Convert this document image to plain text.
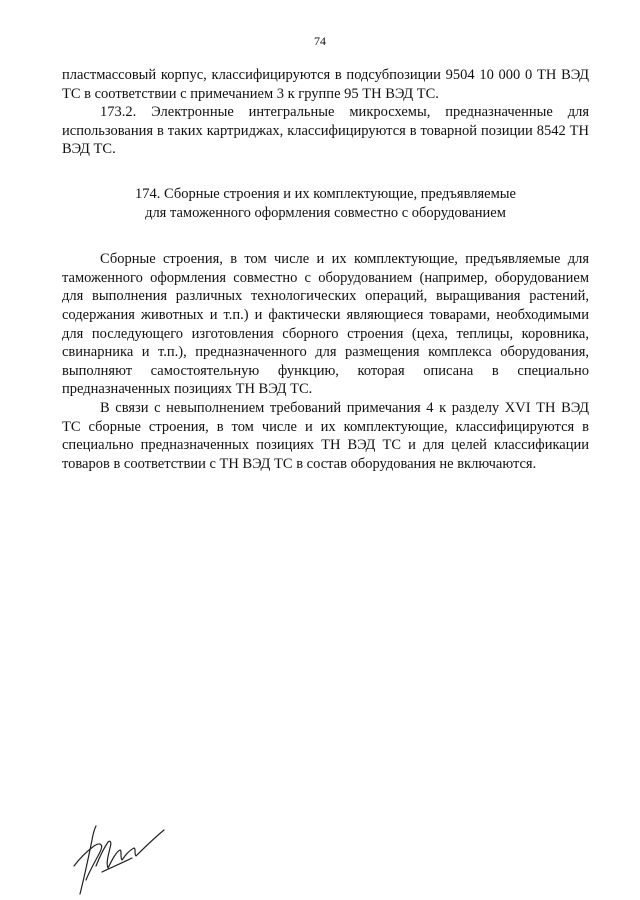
74

пластмассовый корпус, классифицируются в подсубпозиции 9504 10 000 0 ТН ВЭД ТС в соответствии с примечанием 3 к группе 95 ТН ВЭД ТС.

173.2. Электронные интегральные микросхемы, предназначенные для использования в таких картриджах, классифицируются в товарной позиции 8542 ТН ВЭД ТС.

174. Сборные строения и их комплектующие, предъявляемые
для таможенного оформления совместно с оборудованием

Сборные строения, в том числе и их комплектующие, предъявляемые для таможенного оформления совместно с оборудованием (например, оборудованием для выполнения различных технологических операций, выращивания растений, содержания животных и т.п.) и фактически являющиеся товарами, необходимыми для последующего изготовления сборного строения (цеха, теплицы, коровника, свинарника и т.п.), предназначенного для размещения комплекса оборудования, выполняют самостоятельную функцию, которая описана в специально предназначенных позициях ТН ВЭД ТС.

В связи с невыполнением требований примечания 4 к разделу XVI ТН ВЭД ТС сборные строения, в том числе и их комплектующие, классифицируются в специально предназначенных позициях ТН ВЭД ТС и для целей классификации товаров в соответствии с ТН ВЭД ТС в состав оборудования не включаются.
